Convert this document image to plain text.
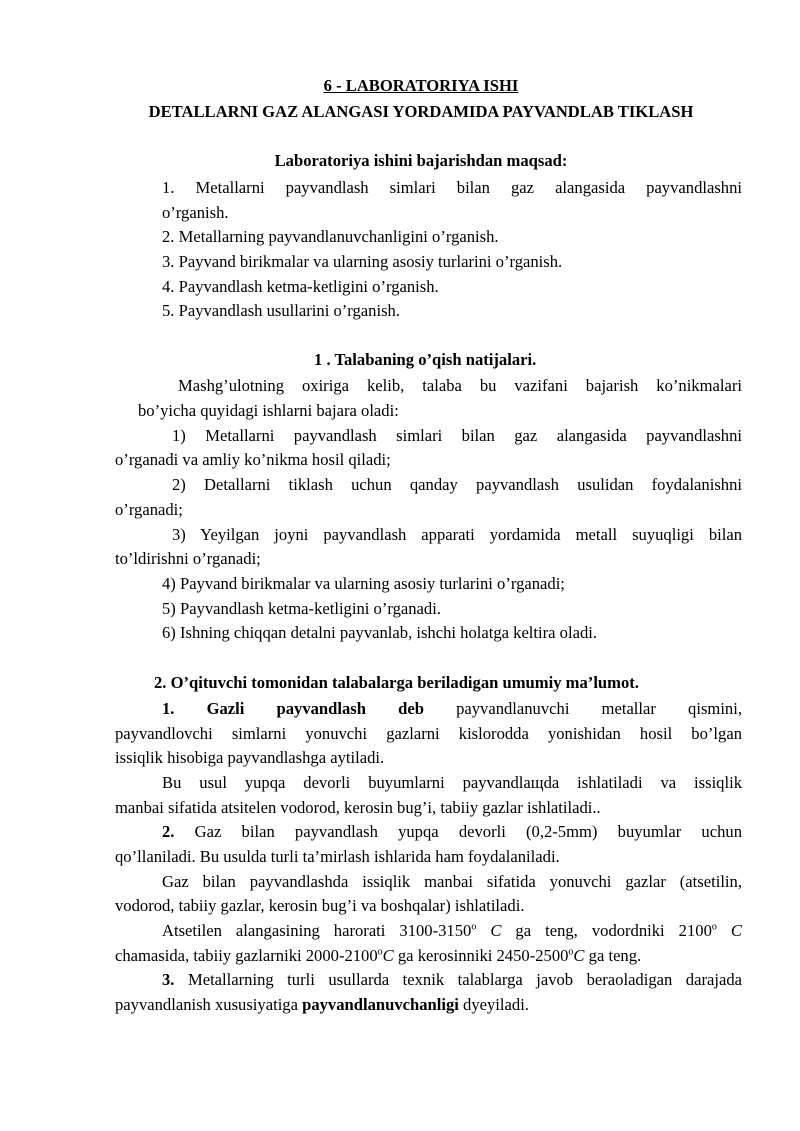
6 - LABORATORIYA ISHI
DETALLARNI GAZ ALANGASI YORDAMIDA PAYVANDLAB TIKLASH
Laboratoriya ishini bajarishdan maqsad:
1. Metallarni payvandlash simlari bilan gaz alangasida payvandlashni
o’rganish.
2. Metallarning payvandlanuvchanligini o’rganish.
3. Payvand birikmalar va ularning asosiy turlarini o’rganish.
4. Payvandlash ketma-ketligini o’rganish.
5. Payvandlash usullarini o’rganish.
1 . Talabaning o’qish natijalari.
Mashg’ulotning oxiriga kelib, talaba bu vazifani bajarish ko’nikmalari
bo’yicha quyidagi ishlarni bajara oladi:
1) Metallarni payvandlash simlari bilan gaz alangasida payvandlashni
o’rganadi va amliy ko’nikma hosil qiladi;
2) Detallarni tiklash uchun qanday payvandlash usulidan foydalanishni
o’rganadi;
3) Yeyilgan joyni payvandlash apparati yordamida metall suyuqligi bilan
to’ldirishni o’rganadi;
4) Payvand birikmalar va ularning asosiy turlarini o’rganadi;
5) Payvandlash ketma-ketligini o’rganadi.
6) Ishning chiqqan detalni payvanlab, ishchi holatga keltira oladi.
2. O’qituvchi tomonidan talabalarga beriladigan umumiy ma’lumot.
1. Gazli payvandlash deb payvandlanuvchi metallar qismini,
payvandlovchi simlarni yonuvchi gazlarni kislorodda yonishidan hosil bo’lgan
issiqlik hisobiga payvandlashga aytiladi.
Bu usul yupqa devorli buyumlarni payvandlaщda ishlatiladi va issiqlik
manbai sifatida atsitelen vodorod, kerosin bug’i, tabiiy gazlar ishlatiladi..
2. Gaz bilan payvandlash yupqa devorli (0,2-5mm) buyumlar uchun
qo’llaniladi. Bu usulda turli ta’mirlash ishlarida ham foydalaniladi.
Gaz bilan payvandlashda issiqlik manbai sifatida yonuvchi gazlar (atsetilin,
vodorod, tabiiy gazlar, kerosin bug’i va boshqalar) ishlatiladi.
Atsetilen alangasining harorati $3100-3150^о$ C ga teng, vodordniki $2100^о$ C
chamasida, tabiiy gazlarniki $2000-2100^оC$ ga kerosinniki $2450-2500^оC$ ga teng.
3. Metallarning turli usullarda texnik talablarga javob beraoladigan darajada
payvandlanish xususiyatiga payvandlanuvchanligi dyeyiladi.
